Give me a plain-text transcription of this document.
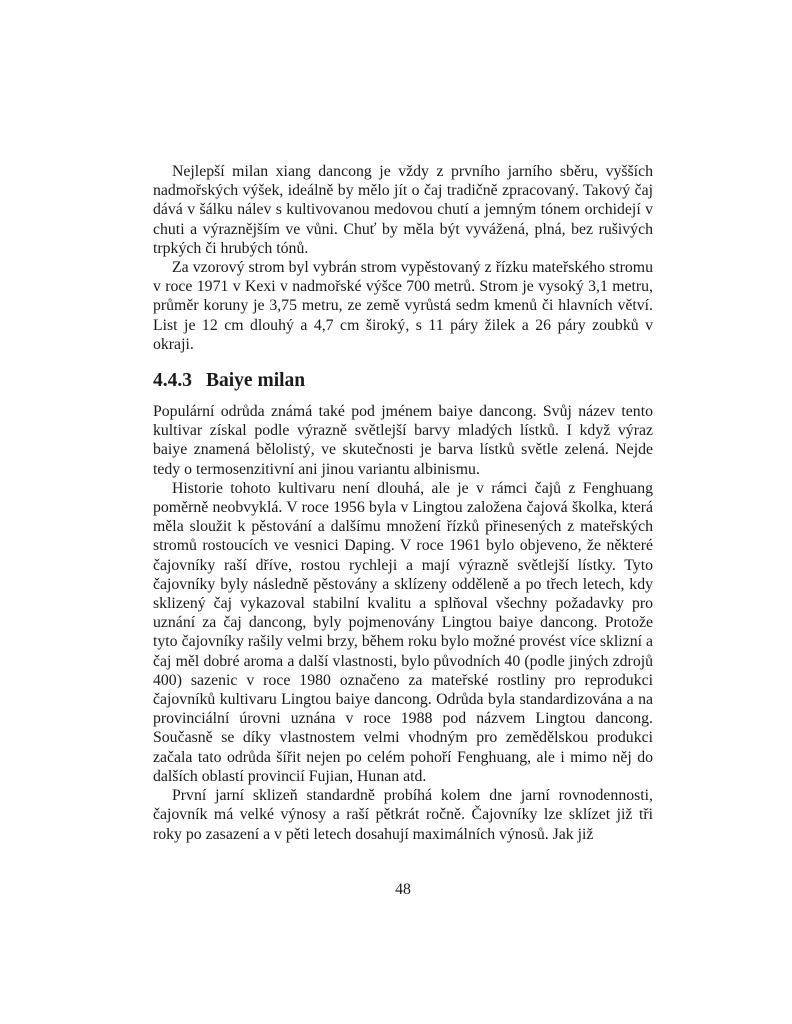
Nejlepší milan xiang dancong je vždy z prvního jarního sběru, vyšších nadmořských výšek, ideálně by mělo jít o čaj tradičně zpracovaný. Takový čaj dává v šálku nálev s kultivovanou medovou chutí a jemným tónem orchidejí v chuti a výraznějším ve vůni. Chuť by měla být vyvážená, plná, bez rušivých trpkých či hrubých tónů.

Za vzorový strom byl vybrán strom vypěstovaný z řízku mateřského stromu v roce 1971 v Kexi v nadmořské výšce 700 metrů. Strom je vysoký 3,1 metru, průměr koruny je 3,75 metru, ze země vyrůstá sedm kmenů či hlavních větví. List je 12 cm dlouhý a 4,7 cm široký, s 11 páry žilek a 26 páry zoubků v okraji.

4.4.3 Baiye milan

Populární odrůda známá také pod jménem baiye dancong. Svůj název tento kultivar získal podle výrazně světlejší barvy mladých lístků. I když výraz baiye znamená bělolistý, ve skutečnosti je barva lístků světle zelená. Nejde tedy o termosenzitivní ani jinou variantu albinismu.

Historie tohoto kultivaru není dlouhá, ale je v rámci čajů z Fenghuang poměrně neobvyklá. V roce 1956 byla v Lingtou založena čajová školka, která měla sloužit k pěstování a dalšímu množení řízků přinesených z mateřských stromů rostoucích ve vesnici Daping. V roce 1961 bylo objeveno, že některé čajovníky raší dříve, rostou rychleji a mají výrazně světlejší lístky. Tyto čajovníky byly následně pěstovány a sklízeny odděleně a po třech letech, kdy sklizený čaj vykazoval stabilní kvalitu a splňoval všechny požadavky pro uznání za čaj dancong, byly pojmenovány Lingtou baiye dancong. Protože tyto čajovníky rašily velmi brzy, během roku bylo možné provést více sklizní a čaj měl dobré aroma a další vlastnosti, bylo původních 40 (podle jiných zdrojů 400) sazenic v roce 1980 označeno za mateřské rostliny pro reprodukci čajovníků kultivaru Lingtou baiye dancong. Odrůda byla standardizována a na provinciální úrovni uznána v roce 1988 pod názvem Lingtou dancong. Současně se díky vlastnostem velmi vhodným pro zemědělskou produkci začala tato odrůda šířit nejen po celém pohoří Fenghuang, ale i mimo něj do dalších oblastí provincií Fujian, Hunan atd.

První jarní sklizeň standardně probíhá kolem dne jarní rovnodennosti, čajovník má velké výnosy a raší pětkrát ročně. Čajovníky lze sklízet již tři roky po zasazení a v pěti letech dosahují maximálních výnosů. Jak již

48
